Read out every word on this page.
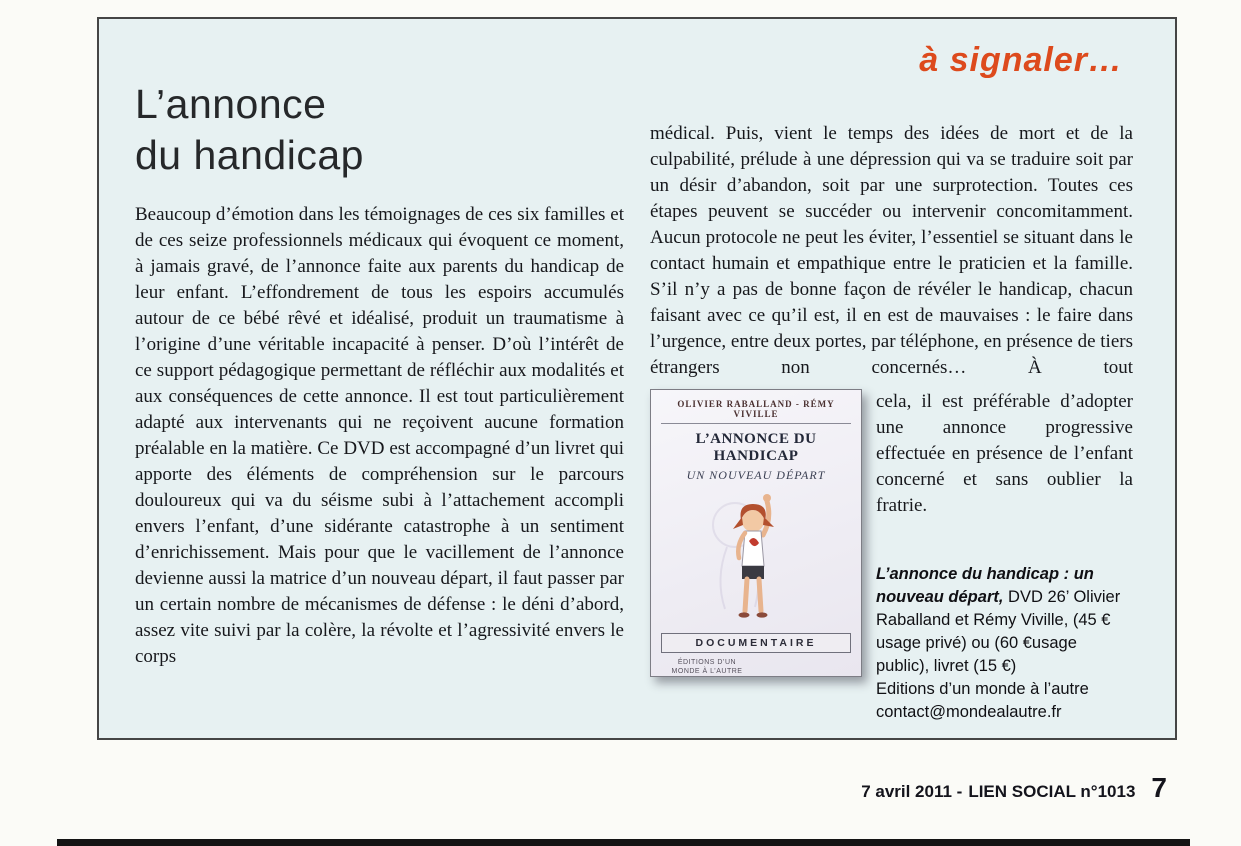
à signaler…
L’annonce
du handicap

Beaucoup d’émotion dans les témoignages de ces six familles et de ces seize professionnels médicaux qui évoquent ce moment, à jamais gravé, de l’annonce faite aux parents du handicap de leur enfant. L’effondrement de tous les espoirs accumulés autour de ce bébé rêvé et idéalisé, produit un traumatisme à l’origine d’une véritable incapacité à penser. D’où l’intérêt de ce support pédagogique permettant de réfléchir aux modalités et aux conséquences de cette annonce. Il est tout particulièrement adapté aux intervenants qui ne reçoivent aucune formation préalable en la matière. Ce DVD est accompagné d’un livret qui apporte des éléments de compréhension sur le parcours douloureux qui va du séisme subi à l’attachement accompli envers l’enfant, d’une sidérante catastrophe à un sentiment d’enrichissement. Mais pour que le vacillement de l’annonce devienne aussi la matrice d’un nouveau départ, il faut passer par un certain nombre de mécanismes de défense : le déni d’abord, assez vite suivi par la colère, la révolte et l’agressivité envers le corps

médical. Puis, vient le temps des idées de mort et de la culpabilité, prélude à une dépression qui va se traduire soit par un désir d’abandon, soit par une surprotection. Toutes ces étapes peuvent se succéder ou intervenir concomitamment. Aucun protocole ne peut les éviter, l’essentiel se situant dans le contact humain et empathique entre le praticien et la famille. S’il n’y a pas de bonne façon de révéler le handicap, chacun faisant avec ce qu’il est, il en est de mauvaises : le faire dans l’urgence, entre deux portes, par téléphone, en présence de tiers étrangers non concernés… À tout

OLIVIER RABALLAND - RÉMY VIVILLE
L’ANNONCE DU HANDICAP
UN NOUVEAU DÉPART
DOCUMENTAIRE
ÉDITIONS D’UN MONDE À L’AUTRE

cela, il est préférable d’adopter une annonce progressive effectuée en présence de l’enfant concerné et sans oublier la fratrie.

L’annonce du handicap : un nouveau départ, DVD 26’ Olivier Raballand et Rémy Viville, (45 € usage privé) ou (60 €usage public), livret (15 €)

Editions d’un monde à l’autre
contact@mondealautre.fr
7 avril 2011 - LIEN SOCIAL n°1013 7
